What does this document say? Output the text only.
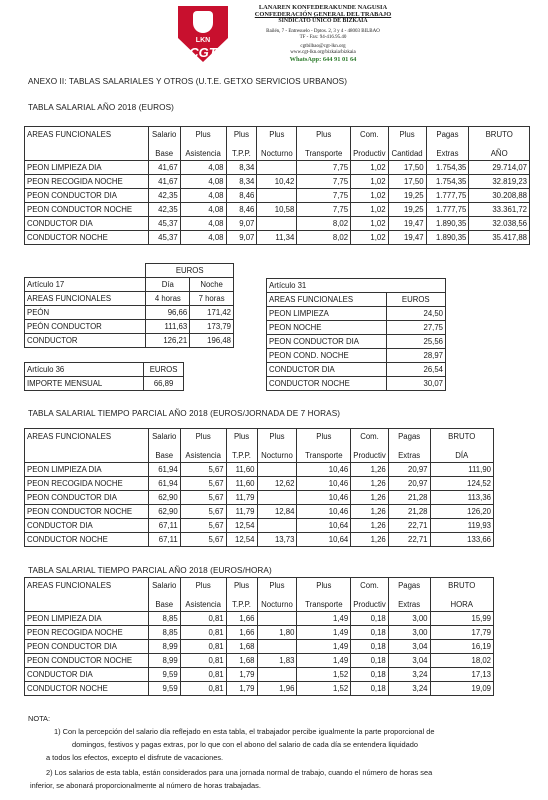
LKN
CGT
LANAREN KONFEDERAKUNDE NAGUSIA
CONFEDERACIÓN GENERAL DEL TRABAJO
SINDICATO ÚNICO DE BIZKAIA
Bailén, 7 - Entresuelo - Dptos. 2, 3 y 4 - 48003 BILBAO
TF - Fax: 94-416.95.40
cgtbilbao@cgt-lkn.org
www.cgt-lkn.org/bizkaia/bizkaia
WhatsApp: 644 91 01 64
ANEXO II: TABLAS SALARIALES Y OTROS (U.T.E. GETXO SERVICIOS URBANOS)
TABLA SALARIAL AÑO 2018 (EUROS)
AREAS FUNCIONALES	Salario	Plus	Plus	Plus	Plus	Com.	Plus	Pagas	BRUTO
	Base	Asistencia	T.P.P.	Nocturno	Transporte	Productiv	Cantidad	Extras	AÑO
PEON LIMPIEZA DIA	41,67	4,08	8,34		7,75	1,02	17,50	1.754,35	29.714,07
PEON RECOGIDA NOCHE	41,67	4,08	8,34	10,42	7,75	1,02	17,50	1.754,35	32.819,23
PEON CONDUCTOR DIA	42,35	4,08	8,46		7,75	1,02	19,25	1.777,75	30.208,88
PEON CONDUCTOR NOCHE	42,35	4,08	8,46	10,58	7,75	1,02	19,25	1.777,75	33.361,72
CONDUCTOR DIA	45,37	4,08	9,07		8,02	1,02	19,47	1.890,35	32.038,56
CONDUCTOR NOCHE	45,37	4,08	9,07	11,34	8,02	1,02	19,47	1.890,35	35.417,88
	EUROS	
Artículo 17	Día	Noche
AREAS FUNCIONALES	4 horas	7 horas
PEÓN	96,66	171,42
PEÓN CONDUCTOR	111,63	173,79
CONDUCTOR	126,21	196,48
Artículo 36	EUROS
IMPORTE MENSUAL	66,89
Artículo 31	
AREAS FUNCIONALES	EUROS
PEON LIMPIEZA	24,50
PEON NOCHE	27,75
PEON CONDUCTOR DIA	25,56
PEON COND. NOCHE	28,97
CONDUCTOR DIA	26,54
CONDUCTOR NOCHE	30,07
TABLA SALARIAL TIEMPO PARCIAL AÑO 2018 (EUROS/JORNADA DE 7 HORAS)
AREAS FUNCIONALES	Salario	Plus	Plus	Plus	Plus	Com.	Pagas	BRUTO
	Base	Asistencia	T.P.P.	Nocturno	Transporte	Productiv	Extras	DÍA
PEON LIMPIEZA DIA	61,94	5,67	11,60		10,46	1,26	20,97	111,90
PEON RECOGIDA NOCHE	61,94	5,67	11,60	12,62	10,46	1,26	20,97	124,52
PEON CONDUCTOR DIA	62,90	5,67	11,79		10,46	1,26	21,28	113,36
PEON CONDUCTOR NOCHE	62,90	5,67	11,79	12,84	10,46	1,26	21,28	126,20
CONDUCTOR DIA	67,11	5,67	12,54		10,64	1,26	22,71	119,93
CONDUCTOR NOCHE	67,11	5,67	12,54	13,73	10,64	1,26	22,71	133,66
TABLA SALARIAL TIEMPO PARCIAL AÑO 2018 (EUROS/HORA)
AREAS FUNCIONALES	Salario	Plus	Plus	Plus	Plus	Com.	Pagas	BRUTO
	Base	Asistencia	T.P.P.	Nocturno	Transporte	Productiv	Extras	HORA
PEON LIMPIEZA DIA	8,85	0,81	1,66		1,49	0,18	3,00	15,99
PEON RECOGIDA NOCHE	8,85	0,81	1,66	1,80	1,49	0,18	3,00	17,79
PEON CONDUCTOR DIA	8,99	0,81	1,68		1,49	0,18	3,04	16,19
PEON CONDUCTOR NOCHE	8,99	0,81	1,68	1,83	1,49	0,18	3,04	18,02
CONDUCTOR DIA	9,59	0,81	1,79		1,52	0,18	3,24	17,13
CONDUCTOR NOCHE	9,59	0,81	1,79	1,96	1,52	0,18	3,24	19,09
NOTA:
1) Con la percepción del salario día reflejado en esta tabla, el trabajador percibe igualmente la parte proporcional de
domingos, festivos y pagas extras, por lo que con el abono del salario de cada día se entendera liquidado
a todos los efectos, excepto el disfrute de vacaciones.
2) Los salarios de esta tabla, están considerados para una jornada normal de trabajo, cuando el número de horas sea
inferior, se abonará proporcionalmente al número de horas trabajadas.
